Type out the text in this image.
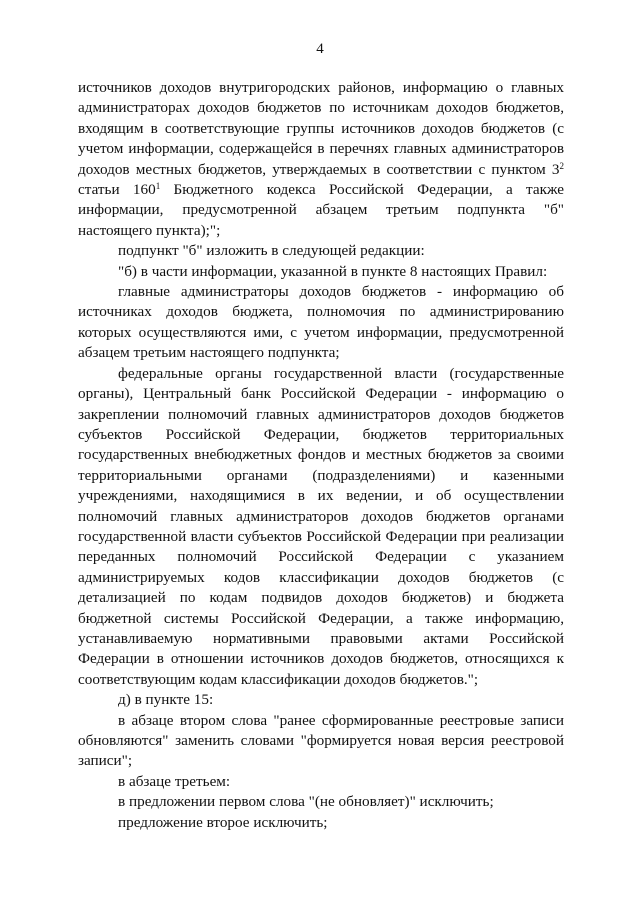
4

источников доходов внутригородских районов, информацию о главных администраторах доходов бюджетов по источникам доходов бюджетов, входящим в соответствующие группы источников доходов бюджетов (с учетом информации, содержащейся в перечнях главных администраторов доходов местных бюджетов, утверждаемых в соответствии с пунктом $3^2$ статьи $160^1$ Бюджетного кодекса Российской Федерации, а также информации, предусмотренной абзацем третьим подпункта "б" настоящего пункта);";

подпункт "б" изложить в следующей редакции:

"б) в части информации, указанной в пункте 8 настоящих Правил:

главные администраторы доходов бюджетов - информацию об источниках доходов бюджета, полномочия по администрированию которых осуществляются ими, с учетом информации, предусмотренной абзацем третьим настоящего подпункта;

федеральные органы государственной власти (государственные органы), Центральный банк Российской Федерации - информацию о закреплении полномочий главных администраторов доходов бюджетов субъектов Российской Федерации, бюджетов территориальных государственных внебюджетных фондов и местных бюджетов за своими территориальными органами (подразделениями) и казенными учреждениями, находящимися в их ведении, и об осуществлении полномочий главных администраторов доходов бюджетов органами государственной власти субъектов Российской Федерации при реализации переданных полномочий Российской Федерации с указанием администрируемых кодов классификации доходов бюджетов (с детализацией по кодам подвидов доходов бюджетов) и бюджета бюджетной системы Российской Федерации, а также информацию, устанавливаемую нормативными правовыми актами Российской Федерации в отношении источников доходов бюджетов, относящихся к соответствующим кодам классификации доходов бюджетов.";

д) в пункте 15:

в абзаце втором слова "ранее сформированные реестровые записи обновляются" заменить словами "формируется новая версия реестровой записи";

в абзаце третьем:

в предложении первом слова "(не обновляет)" исключить;

предложение второе исключить;
